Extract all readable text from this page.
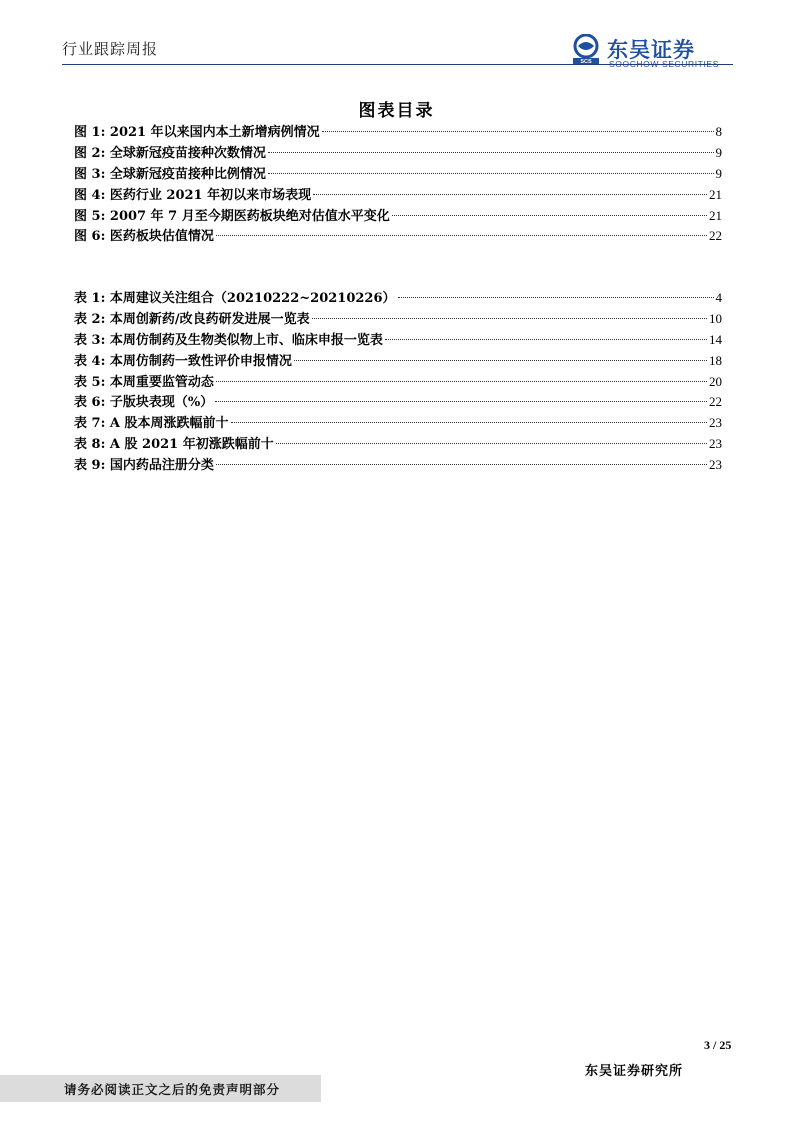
行业跟踪周报
SCS
东吴证券
SOOCHOW SECURITIES
图表目录
图 1: 2021 年以来国内本土新增病例情况	8
图 2: 全球新冠疫苗接种次数情况	9
图 3: 全球新冠疫苗接种比例情况	9
图 4: 医药行业 2021 年初以来市场表现	21
图 5: 2007 年 7 月至今期医药板块绝对估值水平变化	21
图 6: 医药板块估值情况	22
表 1: 本周建议关注组合（20210222~20210226）	4
表 2: 本周创新药/改良药研发进展一览表	10
表 3: 本周仿制药及生物类似物上市、临床申报一览表	14
表 4: 本周仿制药一致性评价申报情况	18
表 5: 本周重要监管动态	20
表 6: 子版块表现（%）	22
表 7: A 股本周涨跌幅前十	23
表 8: A 股 2021 年初涨跌幅前十	23
表 9: 国内药品注册分类	23
3 / 25
东吴证券研究所
请务必阅读正文之后的免责声明部分
